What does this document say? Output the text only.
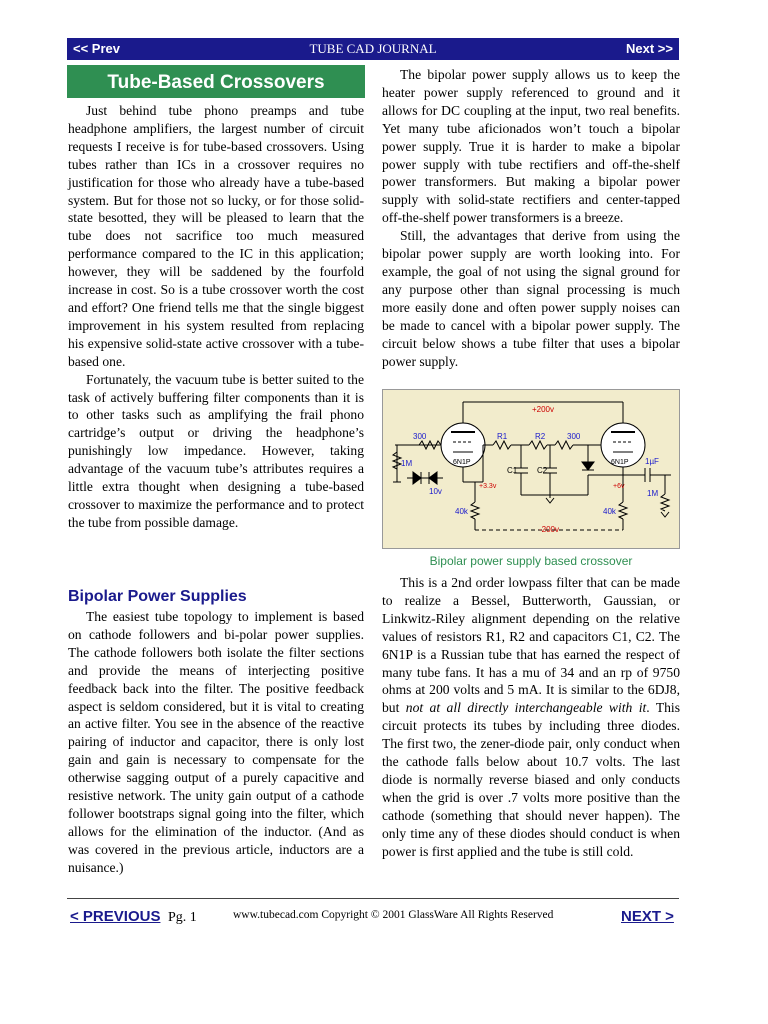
<< Prev	TUBE CAD JOURNAL	Next >>
Tube-Based Crossovers

Just behind tube phono preamps and tube headphone amplifiers, the largest number of circuit requests I receive is for tube-based crossovers. Using tubes rather than ICs in a crossover requires no justification for those who already have a tube-based system. But for those not so lucky, or for those solid-state besotted, they will be pleased to learn that the tube does not sacrifice too much measured performance compared to the IC in this application; however, they will be saddened by the fourfold increase in cost. So is a tube crossover worth the cost and effort? One friend tells me that the single biggest improvement in his system resulted from replacing his expensive solid-state active crossover with a tube-based one.

Fortunately, the vacuum tube is better suited to the task of actively buffering filter components than it is to other tasks such as amplifying the frail phono cartridge’s output or driving the headphone’s punishingly low impedance. However, taking advantage of the vacuum tube’s attributes requires a little extra thought when designing a tube-based crossover to maximize the performance and to protect the tube from possible damage.

Bipolar Power Supplies

The easiest tube topology to implement is based on cathode followers and bi-polar power supplies. The cathode followers both isolate the filter sections and provide the means of interjecting positive feedback back into the filter. The positive feedback aspect is seldom considered, but it is vital to creating an active filter. You see in the absence of the reactive pairing of inductor and capacitor, there is only lost gain and gain is necessary to compensate for the otherwise sagging output of a purely capacitive and resistive network. The unity gain output of a cathode follower bootstraps signal going into the filter, which allows for the elimination of the inductor. (And as was covered in the previous article, inductors are a nuisance.)

The bipolar power supply allows us to keep the heater power supply referenced to ground and it allows for DC coupling at the input, two real benefits. Yet many tube aficionados won’t touch a bipolar power supply. True it is harder to make a bipolar power supply with tube rectifiers and off-the-shelf power transformers. But making a bipolar power supply with solid-state rectifiers and center-tapped off-the-shelf power transformers is a breeze.

Still, the advantages that derive from using the bipolar power supply are worth looking into. For example, the goal of not using the signal ground for any purpose other than signal processing is much more easily done and often power supply noises can be made to cancel with a bipolar power supply. The circuit below shows a tube filter that uses a bipolar power supply.

+200v
-200v
300	300
R1	R2
C1 C2
6N1P	6N1P
1M
1M
1µF
10v
+3.3v	+6v
40k	40k
Bipolar power supply based crossover

This is a 2nd order lowpass filter that can be made to realize a Bessel, Butterworth, Gaussian, or Linkwitz-Riley alignment depending on the relative values of resistors R1, R2 and capacitors C1, C2. The 6N1P is a Russian tube that has earned the respect of many tube fans. It has a mu of 34 and an rp of 9750 ohms at 200 volts and 5 mA. It is similar to the 6DJ8, but not at all directly interchangeable with it. This circuit protects its tubes by including three diodes. The first two, the zener-diode pair, only conduct when the cathode falls below about 10.7 volts. The last diode is normally reverse biased and only conducts when the grid is over .7 volts more positive than the cathode (something that should never happen). The only time any of these diodes should conduct is when power is first applied and the tube is still cold.

< PREVIOUS Pg. 1	www.tubecad.com Copyright © 2001 GlassWare All Rights Reserved	NEXT >
